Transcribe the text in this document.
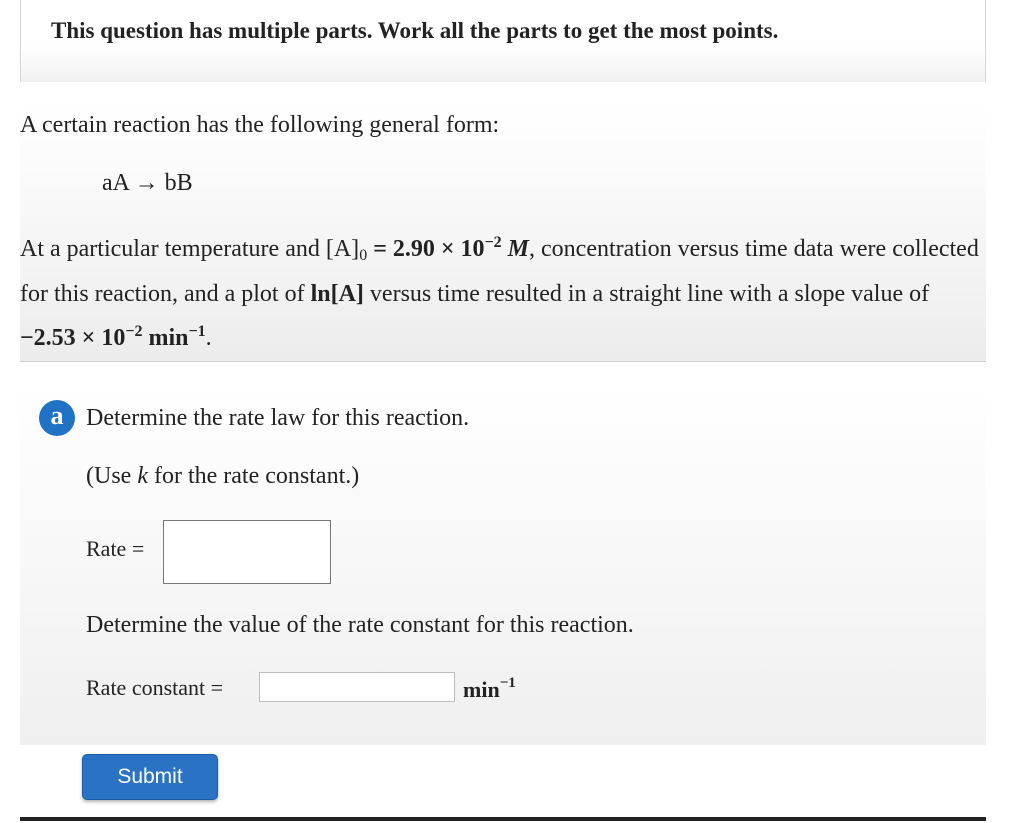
This question has multiple parts. Work all the parts to get the most points.
A certain reaction has the following general form:
aA → bB
At a particular temperature and $[A]_0 = 2.90 \times 10^{-2}$ M, concentration versus time data were collected for this reaction, and a plot of ln[A] versus time resulted in a straight line with a slope value of $-2.53 \times 10^{-2}$ $\min^{-1}$.
a Determine the rate law for this reaction.
(Use k for the rate constant.)
Rate =
Determine the value of the rate constant for this reaction.
Rate constant =	$\min^{-1}$
Submit
